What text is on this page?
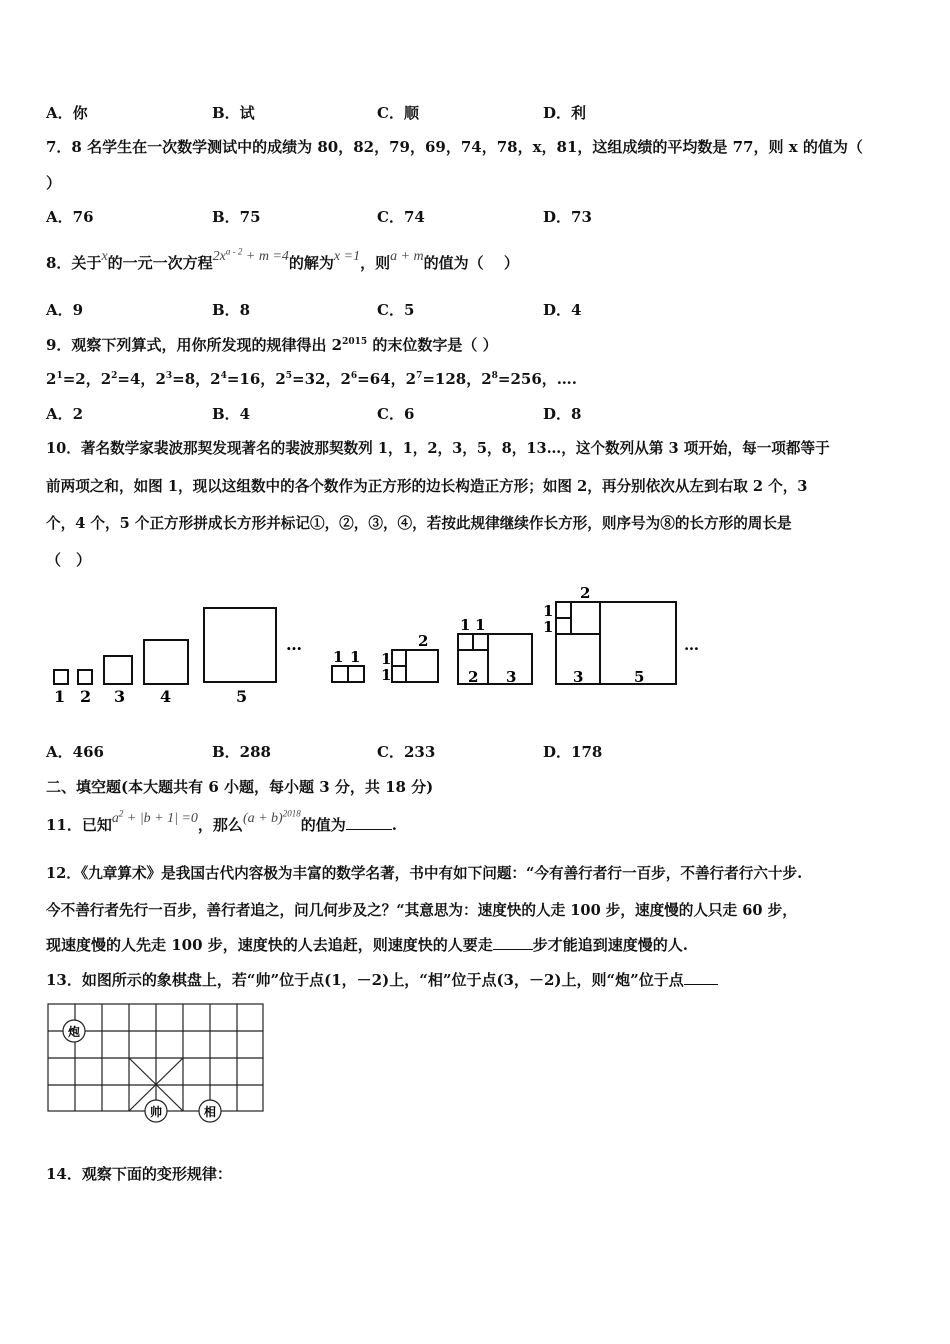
A．你	B．试	C．顺	D．利
7．8 名学生在一次数学测试中的成绩为 80，82，79，69，74，78，x，81，这组成绩的平均数是 77，则 x 的值为（
）
A．76	B．75	C．74	D．73
8．关于x的一元一次方程$2x^{a - 2} + m =4$的解为x =1，则a + m的值为（　 ）
A．9	B．8	C．5	D．4
9．观察下列算式，用你所发现的规律得出 $2^{2015}$ 的末位数字是（ ）
$2^1=2$，$2^2=4$，$2^3=8$，$2^4=16$，$2^5=32$，$2^6=64$，$2^7=128$，$2^8=256$，….
A．2	B．4	C．6	D．8
10．著名数学家裴波那契发现著名的裴波那契数列 1，1，2，3，5，8，13…，这个数列从第 3 项开始，每一项都等于
前两项之和，如图 1，现以这组数中的各个数作为正方形的边长构造正方形；如图 2，再分别依次从左到右取 2 个，3
个，4 个，5 个正方形拼成长方形并标记①，②，③，④，若按此规律继续作长方形，则序号为⑧的长方形的周长是
（　）
1 2 3 4	5
…
1 1 1
1
2
1 1
2 3
1
1
2
3	5
…
A．466	B．288	C．233	D．178
二、填空题(本大题共有 6 小题，每小题 3 分，共 18 分)
11．已知$a^2 + |b + 1| =0$，那么$(a + b)^{2018}$的值为	.
12．《九章算术》是我国古代内容极为丰富的数学名著，书中有如下问题：“今有善行者行一百步，不善行者行六十步.
今不善行者先行一百步，善行者追之，问几何步及之？“其意思为：速度快的人走 100 步，速度慢的人只走 60 步，
现速度慢的人先走 100 步，速度快的人去追赶，则速度快的人要走	步才能追到速度慢的人.
13．如图所示的象棋盘上，若“帅”位于点(1，－2)上，“相”位于点(3，－2)上，则“炮”位于点
炮
帅	相
14．观察下面的变形规律：
